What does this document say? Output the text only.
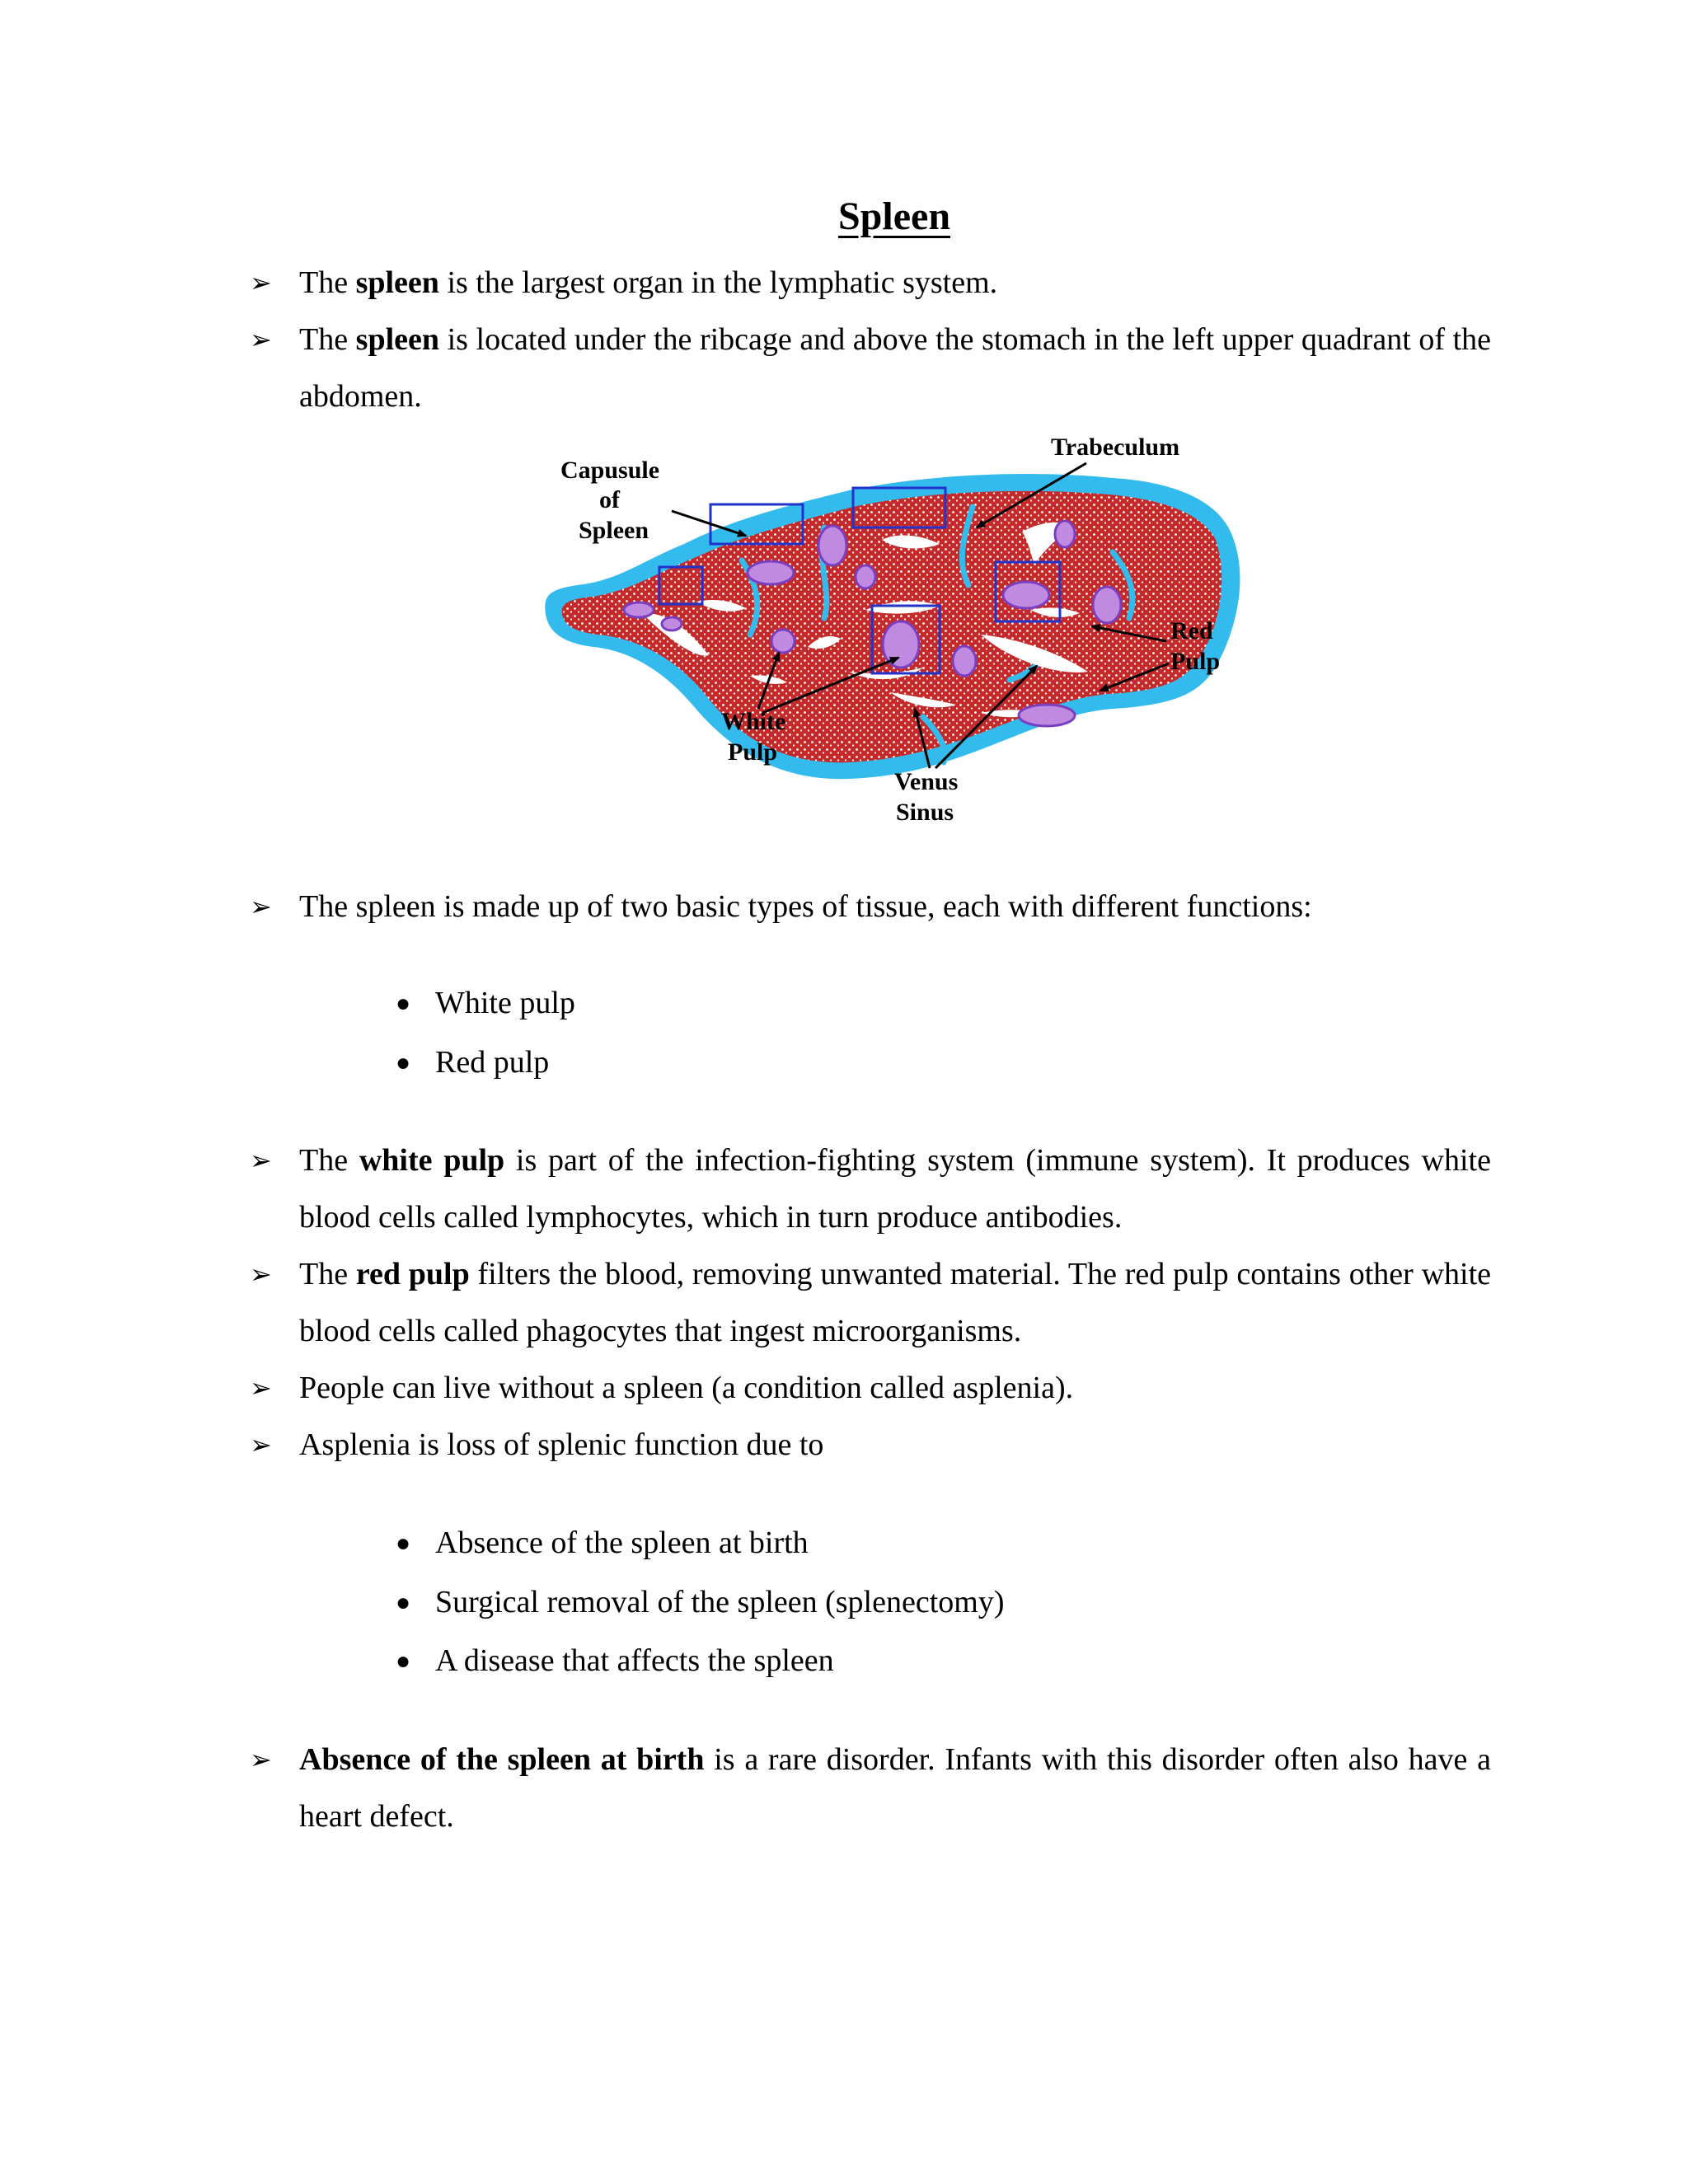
Spleen

➢ The spleen is the largest organ in the lymphatic system.

➢ The spleen is located under the ribcage and above the stomach in the left upper quadrant of the abdomen.

Capusule
of
Spleen
Trabeculum
Red
Pulp
White
Pulp
Venus
Sinus

➢ The spleen is made up of two basic types of tissue, each with different functions:

● White pulp
● Red pulp

➢ The white pulp is part of the infection-fighting system (immune system). It produces white blood cells called lymphocytes, which in turn produce antibodies.

➢ The red pulp filters the blood, removing unwanted material. The red pulp contains other white blood cells called phagocytes that ingest microorganisms.

➢ People can live without a spleen (a condition called asplenia).

➢ Asplenia is loss of splenic function due to

● Absence of the spleen at birth
● Surgical removal of the spleen (splenectomy)
● A disease that affects the spleen

➢ Absence of the spleen at birth is a rare disorder. Infants with this disorder often also have a heart defect.
